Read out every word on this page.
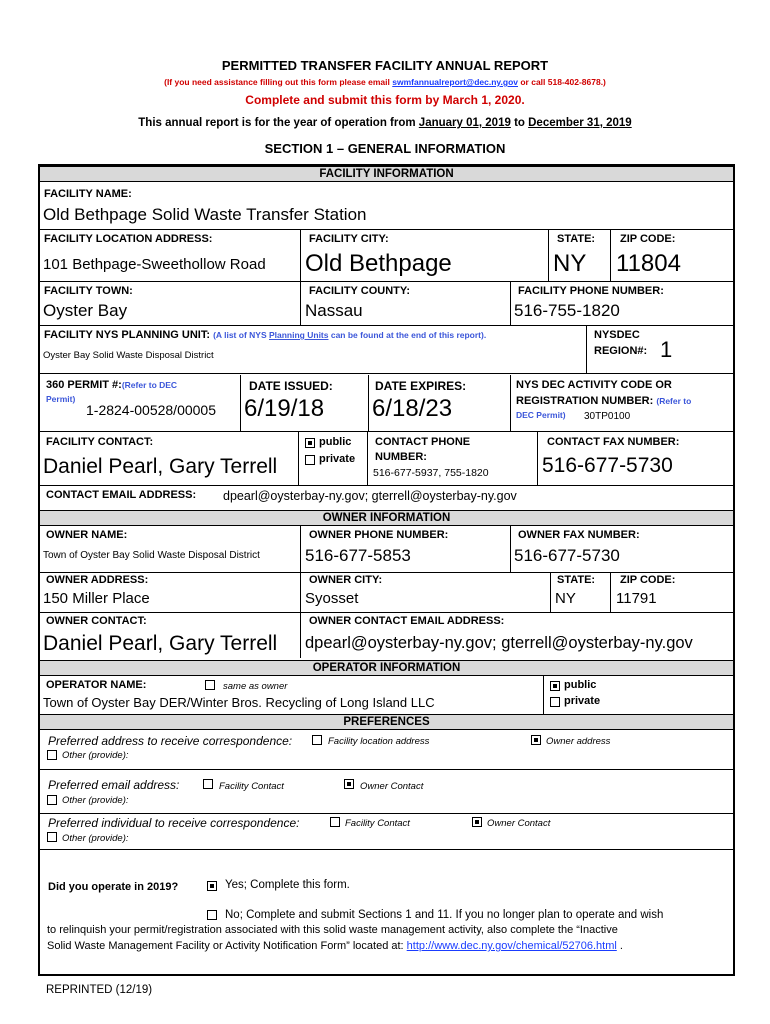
PERMITTED TRANSFER FACILITY ANNUAL REPORT
(If you need assistance filling out this form please email swmfannualreport@dec.ny.gov or call 518-402-8678.)
Complete and submit this form by March 1, 2020.
This annual report is for the year of operation from January 01, 2019 to December 31, 2019
SECTION 1 – GENERAL INFORMATION
FACILITY INFORMATION
FACILITY NAME:
Old Bethpage Solid Waste Transfer Station
FACILITY LOCATION ADDRESS:
101 Bethpage-Sweethollow Road
FACILITY CITY:
Old Bethpage
STATE:
NY
ZIP CODE:
11804
FACILITY TOWN:
Oyster Bay
FACILITY COUNTY:
Nassau
FACILITY PHONE NUMBER:
516-755-1820
FACILITY NYS PLANNING UNIT: (A list of NYS Planning Units can be found at the end of this report).
Oyster Bay Solid Waste Disposal District
NYSDEC
REGION#: 1
360 PERMIT #:(Refer to DEC
Permit)
1-2824-00528/00005
DATE ISSUED:
6/19/18
DATE EXPIRES:
6/18/23
NYS DEC ACTIVITY CODE OR
REGISTRATION NUMBER: (Refer to
DEC Permit) 30TP0100
FACILITY CONTACT:
Daniel Pearl, Gary Terrell
public
private
CONTACT PHONE
NUMBER:
516-677-5937, 755-1820
CONTACT FAX NUMBER:
516-677-5730
CONTACT EMAIL ADDRESS: dpearl@oysterbay-ny.gov; gterrell@oysterbay-ny.gov
OWNER INFORMATION
OWNER NAME:
Town of Oyster Bay Solid Waste Disposal District
OWNER PHONE NUMBER:
516-677-5853
OWNER FAX NUMBER:
516-677-5730
OWNER ADDRESS:
150 Miller Place
OWNER CITY:
Syosset
STATE:
NY
ZIP CODE:
11791
OWNER CONTACT:
Daniel Pearl, Gary Terrell
OWNER CONTACT EMAIL ADDRESS:
dpearl@oysterbay-ny.gov; gterrell@oysterbay-ny.gov
OPERATOR INFORMATION
OPERATOR NAME:	same as owner
Town of Oyster Bay DER/Winter Bros. Recycling of Long Island LLC
public
private
PREFERENCES
Preferred address to receive correspondence:	Facility location address	Owner address
Other (provide):
Preferred email address:	Facility Contact	Owner Contact
Other (provide):
Preferred individual to receive correspondence:	Facility Contact	Owner Contact
Other (provide):
Did you operate in 2019?	Yes; Complete this form.
No; Complete and submit Sections 1 and 11. If you no longer plan to operate and wish
to relinquish your permit/registration associated with this solid waste management activity, also complete the “Inactive
Solid Waste Management Facility or Activity Notification Form” located at: http://www.dec.ny.gov/chemical/52706.html .
REPRINTED (12/19)
